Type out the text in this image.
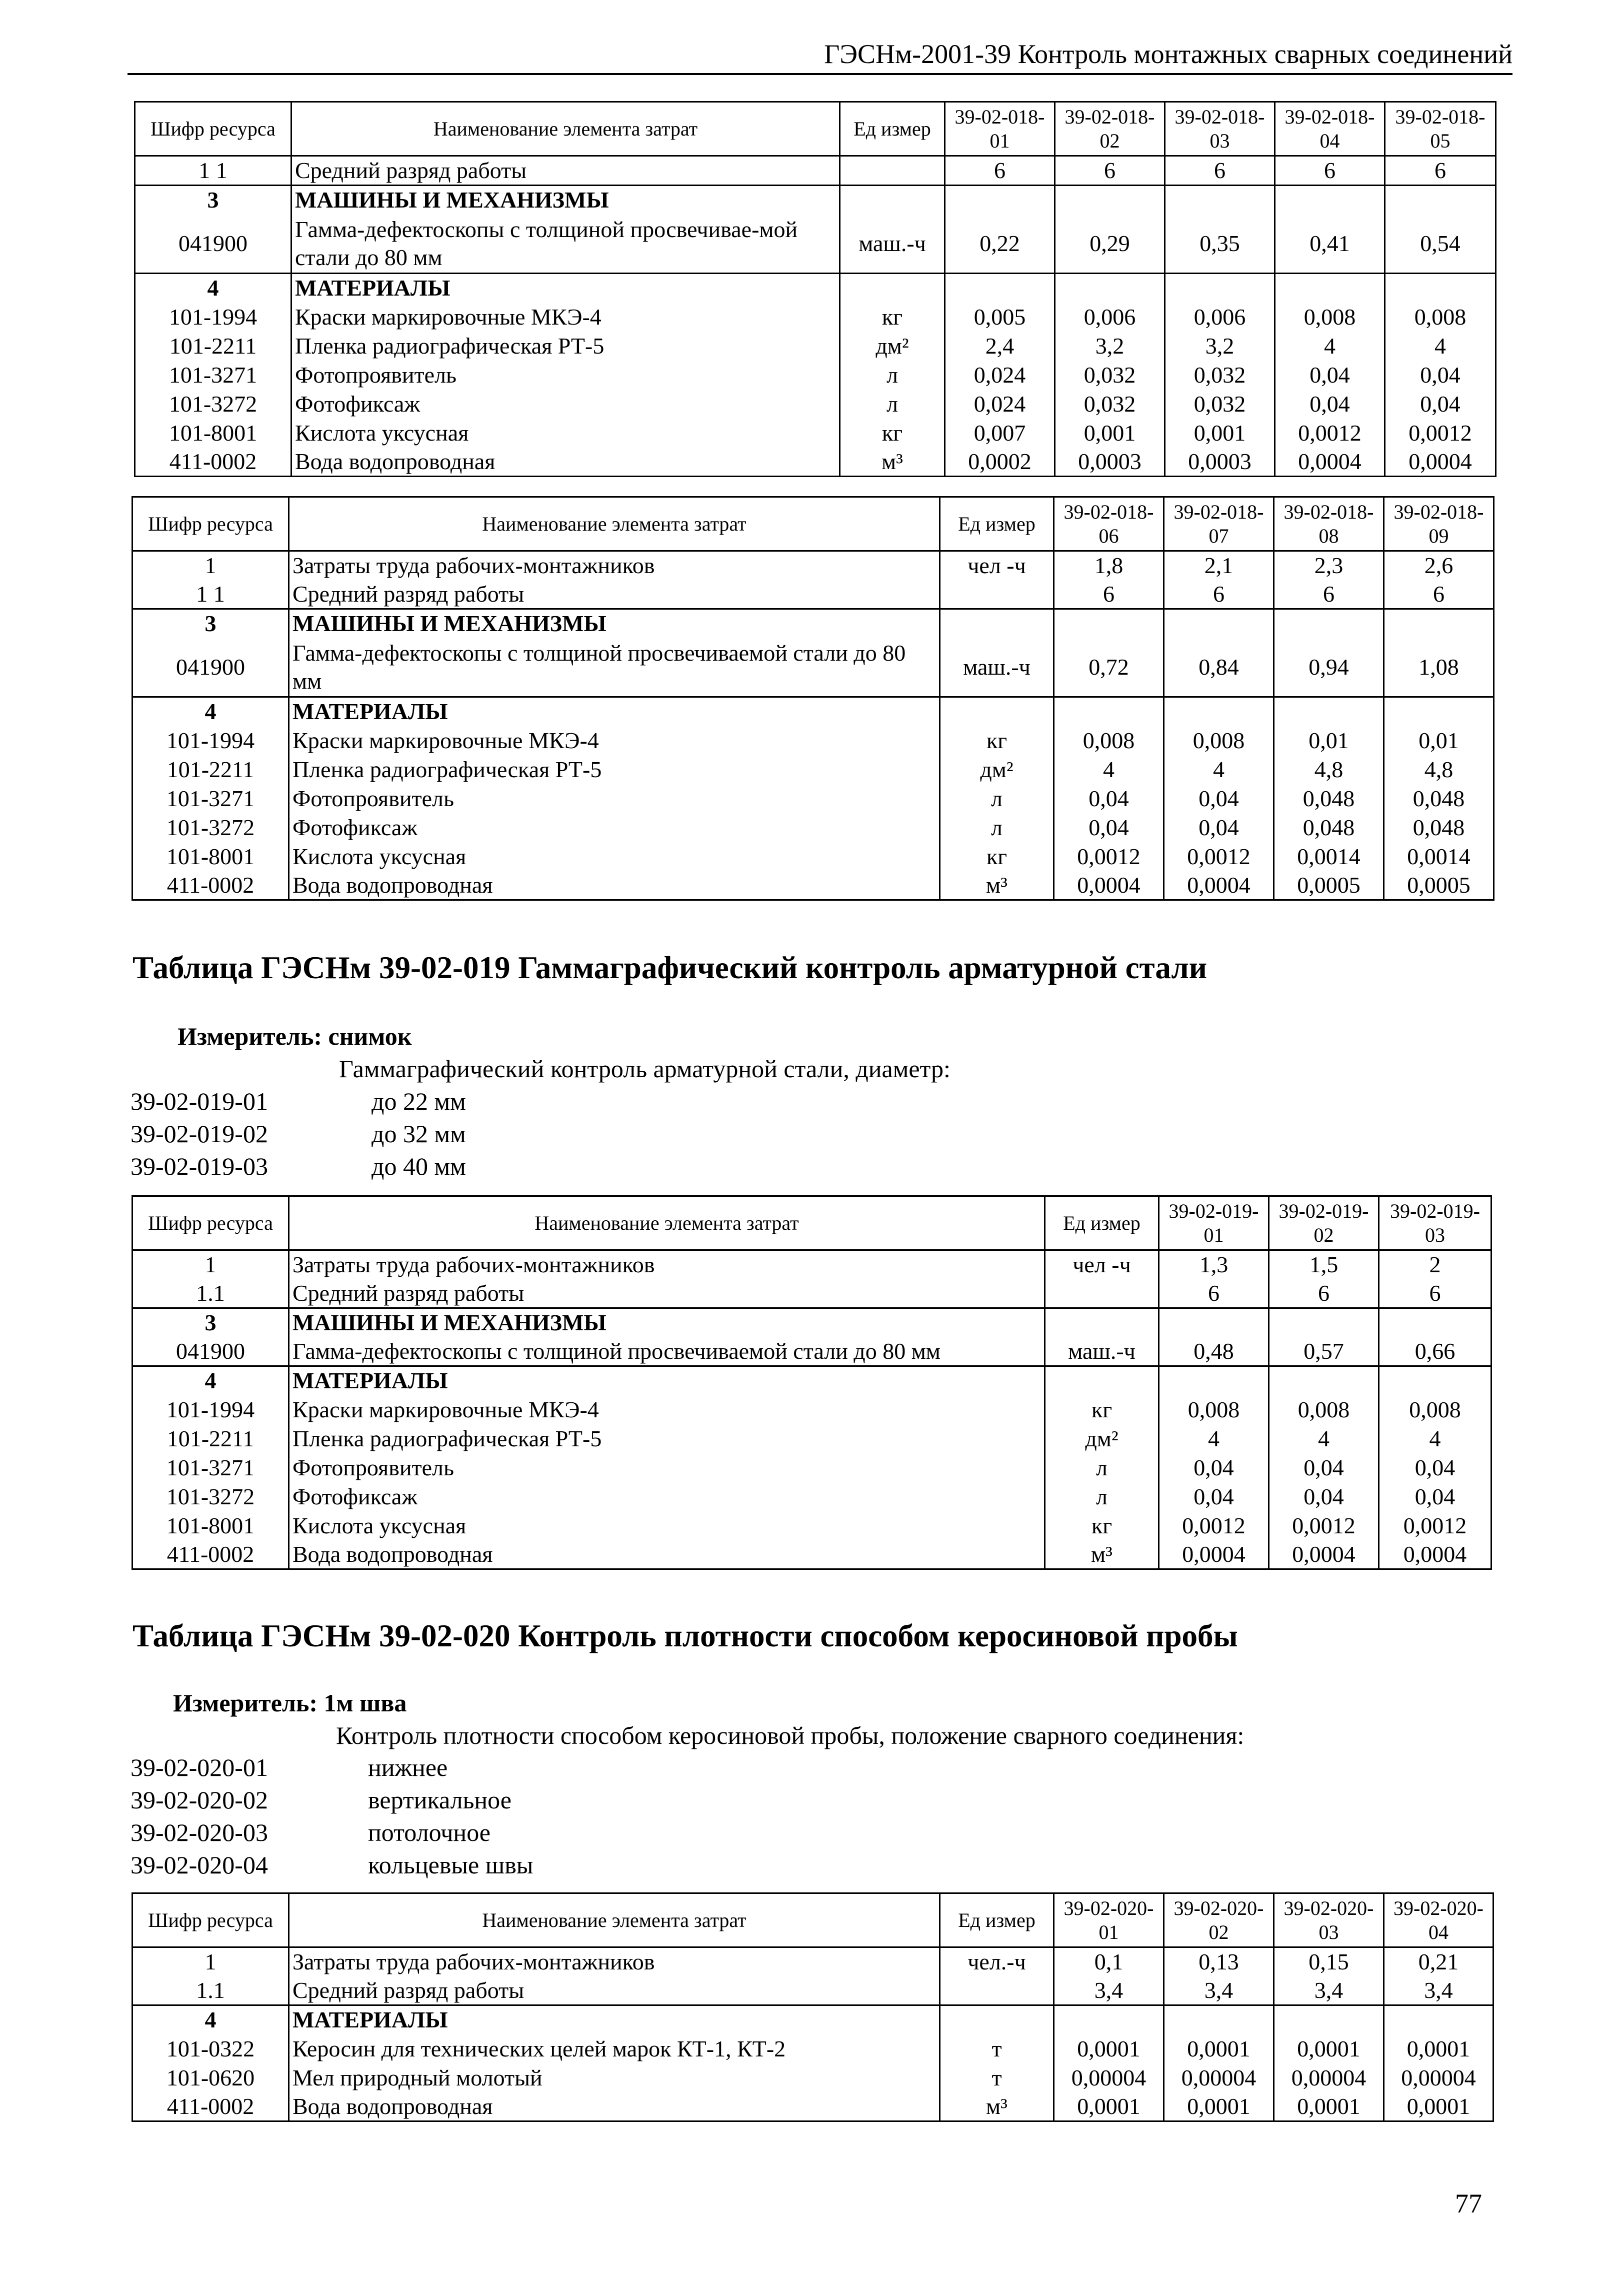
ГЭСНм-2001-39 Контроль монтажных сварных соединений
Шифр ресурса	Наименование элемента затрат	Ед измер	39-02-018-01	39-02-018-02	39-02-018-03	39-02-018-04	39-02-018-05
1 1	Средний разряд работы		6	6	6	6	6
3	МАШИНЫ И МЕХАНИЗМЫ						
041900	Гамма-дефектоскопы с толщиной просвечивае-мой стали до 80 мм	маш.-ч	0,22	0,29	0,35	0,41	0,54
4	МАТЕРИАЛЫ						
101-1994	Краски маркировочные МКЭ-4	кг	0,005	0,006	0,006	0,008	0,008
101-2211	Пленка радиографическая РТ-5	дм²	2,4	3,2	3,2	4	4
101-3271	Фотопроявитель	л	0,024	0,032	0,032	0,04	0,04
101-3272	Фотофиксаж	л	0,024	0,032	0,032	0,04	0,04
101-8001	Кислота уксусная	кг	0,007	0,001	0,001	0,0012	0,0012
411-0002	Вода водопроводная	м³	0,0002	0,0003	0,0003	0,0004	0,0004
Шифр ресурса	Наименование элемента затрат	Ед измер	39-02-018-06	39-02-018-07	39-02-018-08	39-02-018-09
1	Затраты труда рабочих-монтажников	чел -ч	1,8	2,1	2,3	2,6
1 1	Средний разряд работы		6	6	6	6
3	МАШИНЫ И МЕХАНИЗМЫ					
041900	Гамма-дефектоскопы с толщиной просвечиваемой стали до 80 мм	маш.-ч	0,72	0,84	0,94	1,08
4	МАТЕРИАЛЫ					
101-1994	Краски маркировочные МКЭ-4	кг	0,008	0,008	0,01	0,01
101-2211	Пленка радиографическая РТ-5	дм²	4	4	4,8	4,8
101-3271	Фотопроявитель	л	0,04	0,04	0,048	0,048
101-3272	Фотофиксаж	л	0,04	0,04	0,048	0,048
101-8001	Кислота уксусная	кг	0,0012	0,0012	0,0014	0,0014
411-0002	Вода водопроводная	м³	0,0004	0,0004	0,0005	0,0005
Таблица ГЭСНм 39-02-019 Гаммаграфический контроль арматурной стали
Измеритель: снимок
Гаммаграфический контроль арматурной стали, диаметр:
39-02-019-01	до 22 мм
39-02-019-02	до 32 мм
39-02-019-03	до 40 мм
Шифр ресурса	Наименование элемента затрат	Ед измер	39-02-019-01	39-02-019-02	39-02-019-03
1	Затраты труда рабочих-монтажников	чел -ч	1,3	1,5	2
1.1	Средний разряд работы		6	6	6
3	МАШИНЫ И МЕХАНИЗМЫ				
041900	Гамма-дефектоскопы с толщиной просвечиваемой стали до 80 мм	маш.-ч	0,48	0,57	0,66
4	МАТЕРИАЛЫ				
101-1994	Краски маркировочные МКЭ-4	кг	0,008	0,008	0,008
101-2211	Пленка радиографическая РТ-5	дм²	4	4	4
101-3271	Фотопроявитель	л	0,04	0,04	0,04
101-3272	Фотофиксаж	л	0,04	0,04	0,04
101-8001	Кислота уксусная	кг	0,0012	0,0012	0,0012
411-0002	Вода водопроводная	м³	0,0004	0,0004	0,0004
Таблица ГЭСНм 39-02-020 Контроль плотности способом керосиновой пробы
Измеритель: 1м шва
Контроль плотности способом керосиновой пробы, положение сварного соединения:
39-02-020-01	нижнее
39-02-020-02	вертикальное
39-02-020-03	потолочное
39-02-020-04	кольцевые швы
Шифр ресурса	Наименование элемента затрат	Ед измер	39-02-020-01	39-02-020-02	39-02-020-03	39-02-020-04
1	Затраты труда рабочих-монтажников	чел.-ч	0,1	0,13	0,15	0,21
1.1	Средний разряд работы		3,4	3,4	3,4	3,4
4	МАТЕРИАЛЫ					
101-0322	Керосин для технических целей марок КТ-1, КТ-2	т	0,0001	0,0001	0,0001	0,0001
101-0620	Мел природный молотый	т	0,00004	0,00004	0,00004	0,00004
411-0002	Вода водопроводная	м³	0,0001	0,0001	0,0001	0,0001
77
